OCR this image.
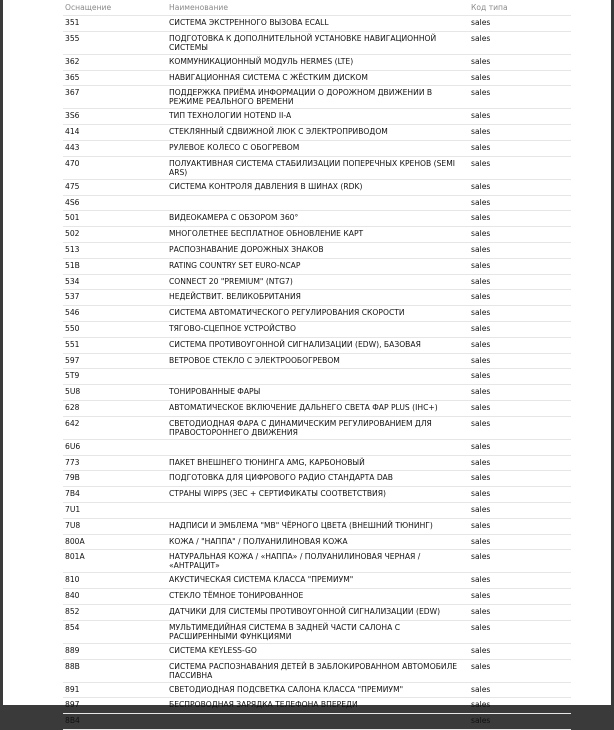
Оснащение	Наименование	Код типа
351	СИСТЕМА ЭКСТРЕННОГО ВЫЗОВА ECALL	sales
355	ПОДГОТОВКА К ДОПОЛНИТЕЛЬНОЙ УСТАНОВКЕ НАВИГАЦИОННОЙ СИСТЕМЫ	sales
362	КОММУНИКАЦИОННЫЙ МОДУЛЬ HERMES (LTE)	sales
365	НАВИГАЦИОННАЯ СИСТЕМА С ЖЁСТКИМ ДИСКОМ	sales
367	ПОДДЕРЖКА ПРИЁМА ИНФОРМАЦИИ О ДОРОЖНОМ ДВИЖЕНИИ В РЕЖИМЕ РЕАЛЬНОГО ВРЕМЕНИ	sales
3S6	ТИП ТЕХНОЛОГИИ HOTEND II-A	sales
414	СТЕКЛЯННЫЙ СДВИЖНОЙ ЛЮК С ЭЛЕКТРОПРИВОДОМ	sales
443	РУЛЕВОЕ КОЛЕСО С ОБОГРЕВОМ	sales
470	ПОЛУАКТИВНАЯ СИСТЕМА СТАБИЛИЗАЦИИ ПОПЕРЕЧНЫХ КРЕНОВ (SEMI ARS)	sales
475	СИСТЕМА КОНТРОЛЯ ДАВЛЕНИЯ В ШИНАХ (RDK)	sales
4S6		sales
501	ВИДЕОКАМЕРА С ОБЗОРОМ 360°	sales
502	МНОГОЛЕТНЕЕ БЕСПЛАТНОЕ ОБНОВЛЕНИЕ КАРТ	sales
513	РАСПОЗНАВАНИЕ ДОРОЖНЫХ ЗНАКОВ	sales
51B	RATING COUNTRY SET EURO-NCAP	sales
534	CONNECT 20 "PREMIUM" (NTG7)	sales
537	НЕДЕЙСТВИТ. ВЕЛИКОБРИТАНИЯ	sales
546	СИСТЕМА АВТОМАТИЧЕСКОГО РЕГУЛИРОВАНИЯ СКОРОСТИ	sales
550	ТЯГОВО-СЦЕПНОЕ УСТРОЙСТВО	sales
551	СИСТЕМА ПРОТИВОУГОННОЙ СИГНАЛИЗАЦИИ (EDW), БАЗОВАЯ	sales
597	ВЕТРОВОЕ СТЕКЛО С ЭЛЕКТРООБОГРЕВОМ	sales
5T9		sales
5U8	ТОНИРОВАННЫЕ ФАРЫ	sales
628	АВТОМАТИЧЕСКОЕ ВКЛЮЧЕНИЕ ДАЛЬНЕГО СВЕТА ФАР PLUS (IHC+)	sales
642	СВЕТОДИОДНАЯ ФАРА С ДИНАМИЧЕСКИМ РЕГУЛИРОВАНИЕМ ДЛЯ ПРАВОСТОРОННЕГО ДВИЖЕНИЯ	sales
6U6		sales
773	ПАКЕТ ВНЕШНЕГО ТЮНИНГА AMG, КАРБОНОВЫЙ	sales
79B	ПОДГОТОВКА ДЛЯ ЦИФРОВОГО РАДИО СТАНДАРТА DAB	sales
7B4	СТРАНЫ WIPPS (ЗЕС + СЕРТИФИКАТЫ СООТВЕТСТВИЯ)	sales
7U1		sales
7U8	НАДПИСИ И ЭМБЛЕМА "MB" ЧЁРНОГО ЦВЕТА (ВНЕШНИЙ ТЮНИНГ)	sales
800A	КОЖА / "НАППА" / ПОЛУАНИЛИНОВАЯ КОЖА	sales
801A	НАТУРАЛЬНАЯ КОЖА / «НАППА» / ПОЛУАНИЛИНОВАЯ ЧЕРНАЯ / «АНТРАЦИТ»	sales
810	АКУСТИЧЕСКАЯ СИСТЕМА КЛАССА "ПРЕМИУМ"	sales
840	СТЕКЛО ТЁМНОЕ ТОНИРОВАННОЕ	sales
852	ДАТЧИКИ ДЛЯ СИСТЕМЫ ПРОТИВОУГОННОЙ СИГНАЛИЗАЦИИ (EDW)	sales
854	МУЛЬТИМЕДИЙНАЯ СИСТЕМА В ЗАДНЕЙ ЧАСТИ САЛОНА С РАСШИРЕННЫМИ ФУНКЦИЯМИ	sales
889	СИСТЕМА KEYLESS-GO	sales
88B	СИСТЕМА РАСПОЗНАВАНИЯ ДЕТЕЙ В ЗАБЛОКИРОВАННОМ АВТОМОБИЛЕ ПАССИВНА	sales
891	СВЕТОДИОДНАЯ ПОДСВЕТКА САЛОНА КЛАССА "ПРЕМИУМ"	sales
897	БЕСПРОВОДНАЯ ЗАРЯДКА ТЕЛЕФОНА ВПЕРЕДИ	sales
8B4		sales
